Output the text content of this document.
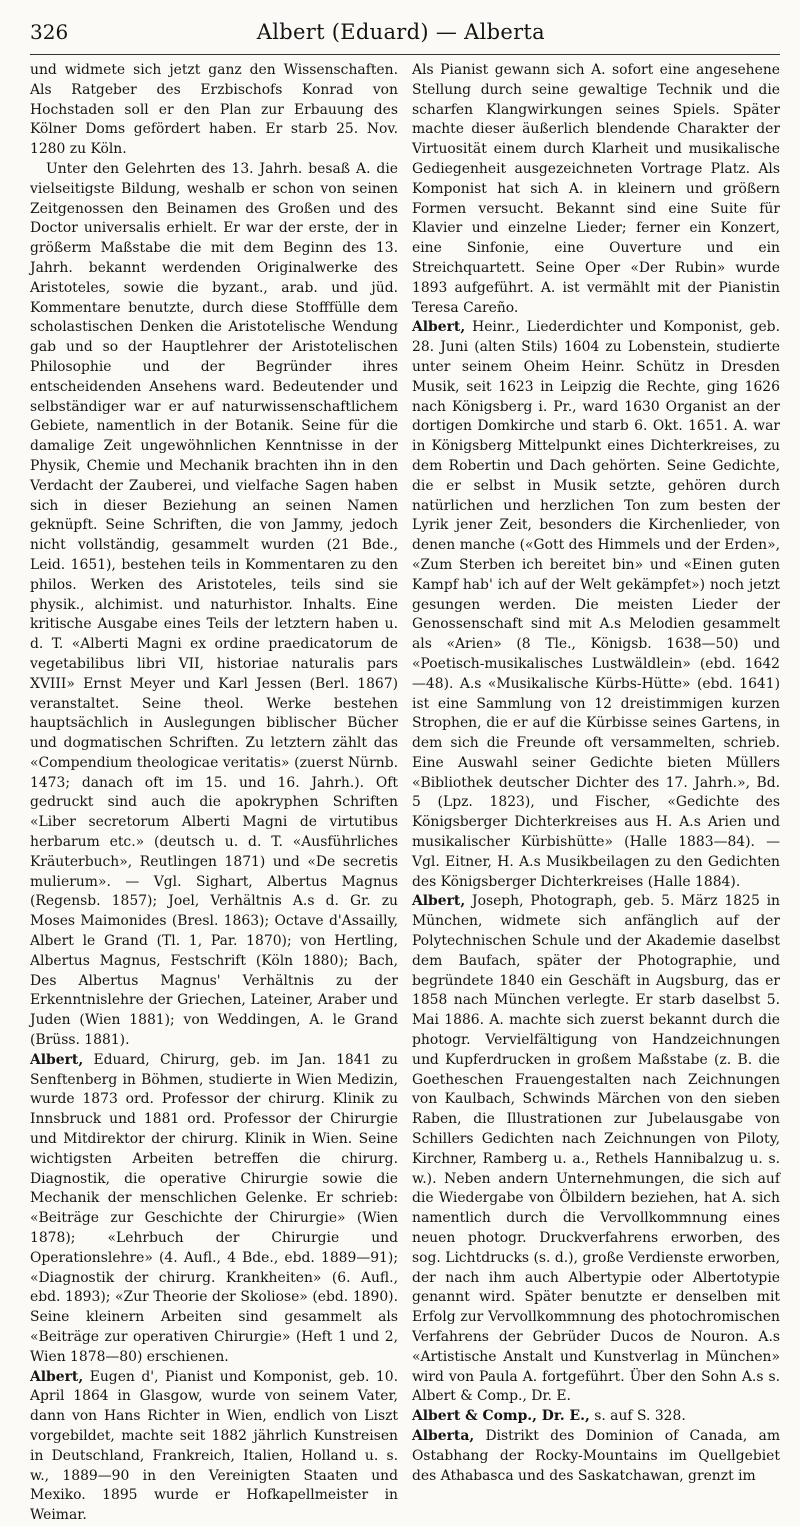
326	Albert (Eduard) — Alberta

und widmete sich jetzt ganz den Wissenschaften. Als Ratgeber des Erzbischofs Konrad von Hochstaden soll er den Plan zur Erbauung des Kölner Doms gefördert haben. Er starb 25. Nov. 1280 zu Köln.

Unter den Gelehrten des 13. Jahrh. besaß A. die vielseitigste Bildung, weshalb er schon von seinen Zeitgenossen den Beinamen des Großen und des Doctor universalis erhielt. Er war der erste, der in größerm Maßstabe die mit dem Beginn des 13. Jahrh. bekannt werdenden Originalwerke des Aristoteles, sowie die byzant., arab. und jüd. Kommentare benutzte, durch diese Stofffülle dem scholastischen Denken die Aristotelische Wendung gab und so der Hauptlehrer der Aristotelischen Philosophie und der Begründer ihres entscheidenden Ansehens ward. Bedeutender und selbständiger war er auf naturwissenschaftlichem Gebiete, namentlich in der Botanik. Seine für die damalige Zeit ungewöhnlichen Kenntnisse in der Physik, Chemie und Mechanik brachten ihn in den Verdacht der Zauberei, und vielfache Sagen haben sich in dieser Beziehung an seinen Namen geknüpft. Seine Schriften, die von Jammy, jedoch nicht vollständig, gesammelt wurden (21 Bde., Leid. 1651), bestehen teils in Kommentaren zu den philos. Werken des Aristoteles, teils sind sie physik., alchimist. und naturhistor. Inhalts. Eine kritische Ausgabe eines Teils der letztern haben u. d. T. «Alberti Magni ex ordine praedicatorum de vegetabilibus libri VII, historiae naturalis pars XVIII» Ernst Meyer und Karl Jessen (Berl. 1867) veranstaltet. Seine theol. Werke bestehen hauptsächlich in Auslegungen biblischer Bücher und dogmatischen Schriften. Zu letztern zählt das «Compendium theologicae veritatis» (zuerst Nürnb. 1473; danach oft im 15. und 16. Jahrh.). Oft gedruckt sind auch die apokryphen Schriften «Liber secretorum Alberti Magni de virtutibus herbarum etc.» (deutsch u. d. T. «Ausführliches Kräuterbuch», Reutlingen 1871) und «De secretis mulierum». — Vgl. Sighart, Albertus Magnus (Regensb. 1857); Joel, Verhältnis A.s d. Gr. zu Moses Maimonides (Bresl. 1863); Octave d'Assailly, Albert le Grand (Tl. 1, Par. 1870); von Hertling, Albertus Magnus, Festschrift (Köln 1880); Bach, Des Albertus Magnus' Verhältnis zu der Erkenntnislehre der Griechen, Lateiner, Araber und Juden (Wien 1881); von Weddingen, A. le Grand (Brüss. 1881).

Albert, Eduard, Chirurg, geb. im Jan. 1841 zu Senftenberg in Böhmen, studierte in Wien Medizin, wurde 1873 ord. Professor der chirurg. Klinik zu Innsbruck und 1881 ord. Professor der Chirurgie und Mitdirektor der chirurg. Klinik in Wien. Seine wichtigsten Arbeiten betreffen die chirurg. Diagnostik, die operative Chirurgie sowie die Mechanik der menschlichen Gelenke. Er schrieb: «Beiträge zur Geschichte der Chirurgie» (Wien 1878); «Lehrbuch der Chirurgie und Operationslehre» (4. Aufl., 4 Bde., ebd. 1889—91); «Diagnostik der chirurg. Krankheiten» (6. Aufl., ebd. 1893); «Zur Theorie der Skoliose» (ebd. 1890). Seine kleinern Arbeiten sind gesammelt als «Beiträge zur operativen Chirurgie» (Heft 1 und 2, Wien 1878—80) erschienen.

Albert, Eugen d', Pianist und Komponist, geb. 10. April 1864 in Glasgow, wurde von seinem Vater, dann von Hans Richter in Wien, endlich von Liszt vorgebildet, machte seit 1882 jährlich Kunstreisen in Deutschland, Frankreich, Italien, Holland u. s. w., 1889—90 in den Vereinigten Staaten und Mexiko. 1895 wurde er Hofkapellmeister in Weimar.

Als Pianist gewann sich A. sofort eine angesehene Stellung durch seine gewaltige Technik und die scharfen Klangwirkungen seines Spiels. Später machte dieser äußerlich blendende Charakter der Virtuosität einem durch Klarheit und musikalische Gediegenheit ausgezeichneten Vortrage Platz. Als Komponist hat sich A. in kleinern und größern Formen versucht. Bekannt sind eine Suite für Klavier und einzelne Lieder; ferner ein Konzert, eine Sinfonie, eine Ouverture und ein Streichquartett. Seine Oper «Der Rubin» wurde 1893 aufgeführt. A. ist vermählt mit der Pianistin Teresa Careño.

Albert, Heinr., Liederdichter und Komponist, geb. 28. Juni (alten Stils) 1604 zu Lobenstein, studierte unter seinem Oheim Heinr. Schütz in Dresden Musik, seit 1623 in Leipzig die Rechte, ging 1626 nach Königsberg i. Pr., ward 1630 Organist an der dortigen Domkirche und starb 6. Okt. 1651. A. war in Königsberg Mittelpunkt eines Dichterkreises, zu dem Robertin und Dach gehörten. Seine Gedichte, die er selbst in Musik setzte, gehören durch natürlichen und herzlichen Ton zum besten der Lyrik jener Zeit, besonders die Kirchenlieder, von denen manche («Gott des Himmels und der Erden», «Zum Sterben ich bereitet bin» und «Einen guten Kampf hab' ich auf der Welt gekämpfet») noch jetzt gesungen werden. Die meisten Lieder der Genossenschaft sind mit A.s Melodien gesammelt als «Arien» (8 Tle., Königsb. 1638—50) und «Poetisch-musikalisches Lustwäldlein» (ebd. 1642—48). A.s «Musikalische Kürbs-Hütte» (ebd. 1641) ist eine Sammlung von 12 dreistimmigen kurzen Strophen, die er auf die Kürbisse seines Gartens, in dem sich die Freunde oft versammelten, schrieb. Eine Auswahl seiner Gedichte bieten Müllers «Bibliothek deutscher Dichter des 17. Jahrh.», Bd. 5 (Lpz. 1823), und Fischer, «Gedichte des Königsberger Dichterkreises aus H. A.s Arien und musikalischer Kürbishütte» (Halle 1883—84). — Vgl. Eitner, H. A.s Musikbeilagen zu den Gedichten des Königsberger Dichterkreises (Halle 1884).

Albert, Joseph, Photograph, geb. 5. März 1825 in München, widmete sich anfänglich auf der Polytechnischen Schule und der Akademie daselbst dem Baufach, später der Photographie, und begründete 1840 ein Geschäft in Augsburg, das er 1858 nach München verlegte. Er starb daselbst 5. Mai 1886. A. machte sich zuerst bekannt durch die photogr. Vervielfältigung von Handzeichnungen und Kupferdrucken in großem Maßstabe (z. B. die Goetheschen Frauengestalten nach Zeichnungen von Kaulbach, Schwinds Märchen von den sieben Raben, die Illustrationen zur Jubelausgabe von Schillers Gedichten nach Zeichnungen von Piloty, Kirchner, Ramberg u. a., Rethels Hannibalzug u. s. w.). Neben andern Unternehmungen, die sich auf die Wiedergabe von Ölbildern beziehen, hat A. sich namentlich durch die Vervollkommnung eines neuen photogr. Druckverfahrens erworben, des sog. Lichtdrucks (s. d.), große Verdienste erworben, der nach ihm auch Albertypie oder Albertotypie genannt wird. Später benutzte er denselben mit Erfolg zur Vervollkommnung des photochromischen Verfahrens der Gebrüder Ducos de Nouron. A.s «Artistische Anstalt und Kunstverlag in München» wird von Paula A. fortgeführt. Über den Sohn A.s s. Albert & Comp., Dr. E.

Albert & Comp., Dr. E., s. auf S. 328.

Alberta, Distrikt des Dominion of Canada, am Ostabhang der Rocky-Mountains im Quellgebiet des Athabasca und des Saskatchawan, grenzt im
